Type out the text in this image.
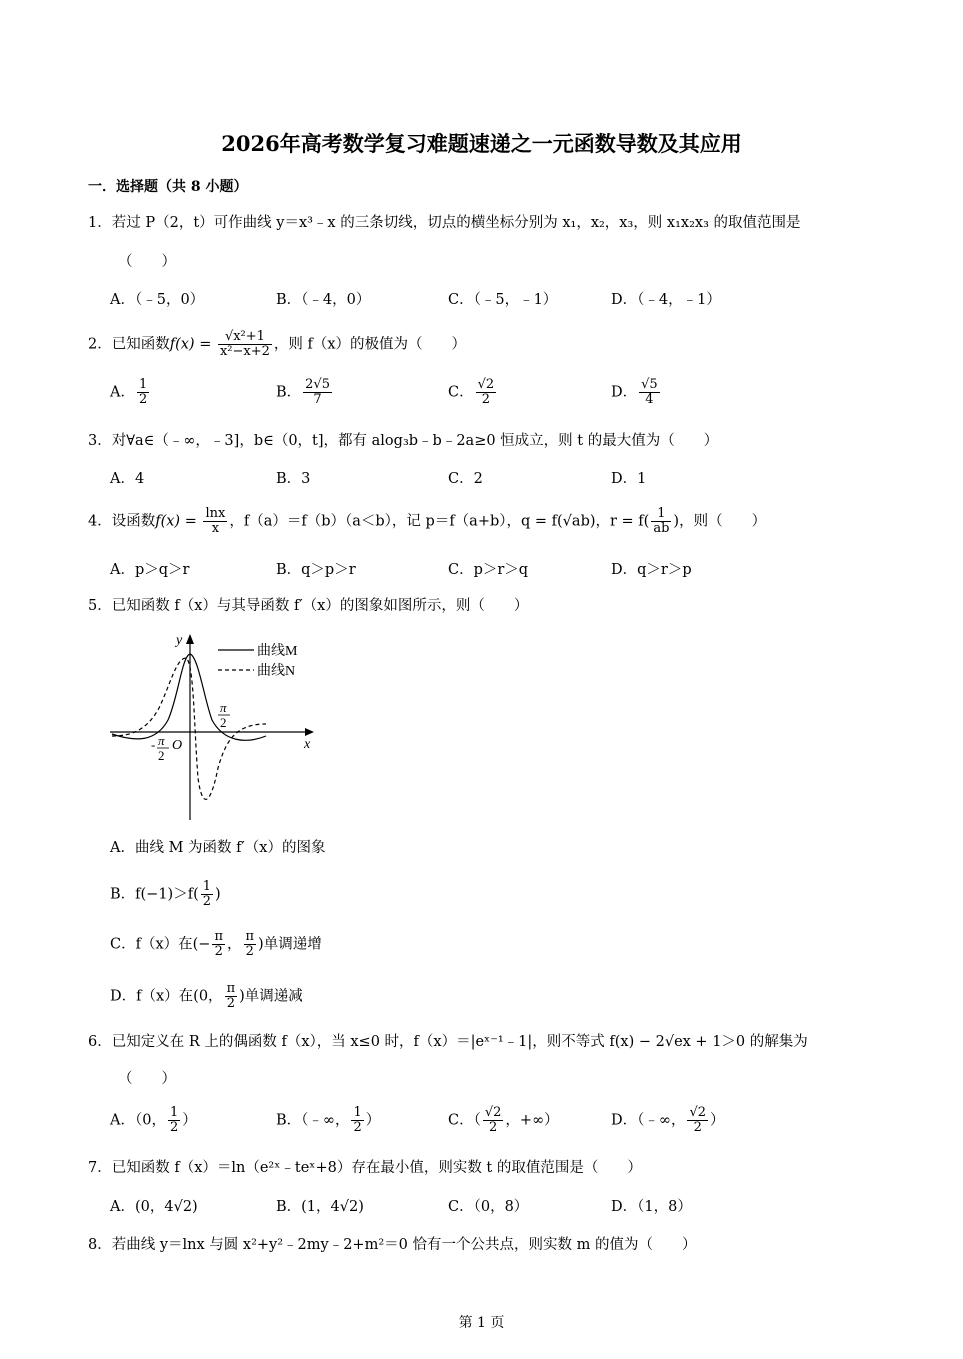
2026年高考数学复习难题速递之一元函数导数及其应用
一．选择题（共 8 小题）
1．若过 P（2，t）可作曲线 y＝x³﹣x 的三条切线，切点的横坐标分别为 x₁，x₂，x₃，则 x₁x₂x₃ 的取值范围是
（　　）
A．（﹣5，0）	B．（﹣4，0）	C．（﹣5，﹣1）	D．（﹣4，﹣1）
2．已知函数$f(x) = \frac{\text{√x²+1}}{\text{x²−x+2}}$ ，则 f（x）的极值为（　　）
A． $\frac{1}{2}$	B． $\frac{2√5}{7}$	C． $\frac{√2}{2}$	D． $\frac{√5}{4}$
3．对∀a∈（﹣∞，﹣3]，b∈（0，t]，都有 alog₃b﹣b﹣2a≥0 恒成立，则 t 的最大值为（　　）
A．4	B．3	C．2	D．1
4．设函数$f(x) = \frac{\ln x}{x}$ ，f（a）＝f（b）（a＜b），记 p＝f（a+b），q = f(√ab)，$r = f( \frac{1}{ab}$ )，则（　　）
A．p＞q＞r	B．q＞p＞r	C．p＞r＞q	D．q＞r＞p
5．已知函数 f（x）与其导函数 f′（x）的图象如图所示，则（　　）
y
x
O
曲线M
曲线N
π
2
- π
2
A．曲线 M 为函数 f′（x）的图象
B．$f(-1)>f( \frac{1}{2}$ )
C．f（x）在(− $\frac{\pi}{2}$ ， $\frac{\pi}{2}$ )单调递增
D．f（x）在(0， $\frac{\pi}{2}$ )单调递减
6．已知定义在 R 上的偶函数 f（x），当 x≤0 时，f（x）＝|eˣ⁻¹﹣1|，则不等式 f(x) − 2√ex + 1＞0 的解集为
（　　）
A．（0， $\frac{1}{2}$ ）	B．（﹣∞， $\frac{1}{2}$ ）	C．（ $\frac{√2}{2}$ ，+∞）	D．（﹣∞， $\frac{√2}{2}$ ）
7．已知函数 f（x）＝ln（e²ˣ﹣teˣ+8）存在最小值，则实数 t 的取值范围是（　　）
A．(0，4√2)	B．(1，4√2)	C．（0，8）	D．（1，8）
8．若曲线 y＝lnx 与圆 x²+y²﹣2my﹣2+m²＝0 恰有一个公共点，则实数 m 的值为（　　）
第 1 页
